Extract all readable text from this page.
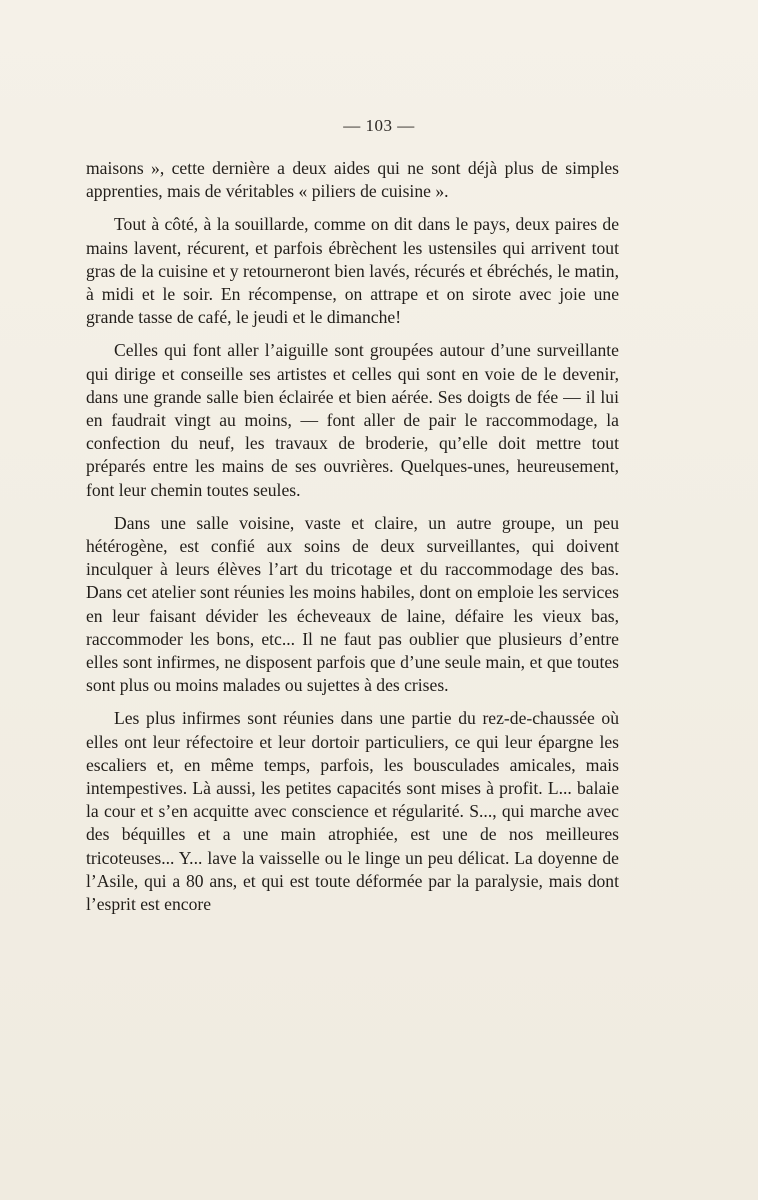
— 103 —

maisons », cette dernière a deux aides qui ne sont déjà plus de simples apprenties, mais de véritables « piliers de cuisine ».

Tout à côté, à la souillarde, comme on dit dans le pays, deux paires de mains lavent, récurent, et parfois ébrèchent les ustensiles qui arrivent tout gras de la cuisine et y retourneront bien lavés, récurés et ébréchés, le matin, à midi et le soir. En récompense, on attrape et on sirote avec joie une grande tasse de café, le jeudi et le dimanche!

Celles qui font aller l’aiguille sont groupées autour d’une surveillante qui dirige et conseille ses artistes et celles qui sont en voie de le devenir, dans une grande salle bien éclairée et bien aérée. Ses doigts de fée — il lui en faudrait vingt au moins, — font aller de pair le raccommodage, la confection du neuf, les travaux de broderie, qu’elle doit mettre tout préparés entre les mains de ses ouvrières. Quelques-unes, heureusement, font leur chemin toutes seules.

Dans une salle voisine, vaste et claire, un autre groupe, un peu hétérogène, est confié aux soins de deux surveillantes, qui doivent inculquer à leurs élèves l’art du tricotage et du raccommodage des bas. Dans cet atelier sont réunies les moins habiles, dont on emploie les services en leur faisant dévider les écheveaux de laine, défaire les vieux bas, raccommoder les bons, etc... Il ne faut pas oublier que plusieurs d’entre elles sont infirmes, ne disposent parfois que d’une seule main, et que toutes sont plus ou moins malades ou sujettes à des crises.

Les plus infirmes sont réunies dans une partie du rez-de-chaussée où elles ont leur réfectoire et leur dortoir particuliers, ce qui leur épargne les escaliers et, en même temps, parfois, les bousculades amicales, mais intempestives. Là aussi, les petites capacités sont mises à profit. L... balaie la cour et s’en acquitte avec conscience et régularité. S..., qui marche avec des béquilles et a une main atrophiée, est une de nos meilleures tricoteuses... Y... lave la vaisselle ou le linge un peu délicat. La doyenne de l’Asile, qui a 80 ans, et qui est toute déformée par la paralysie, mais dont l’esprit est encore
